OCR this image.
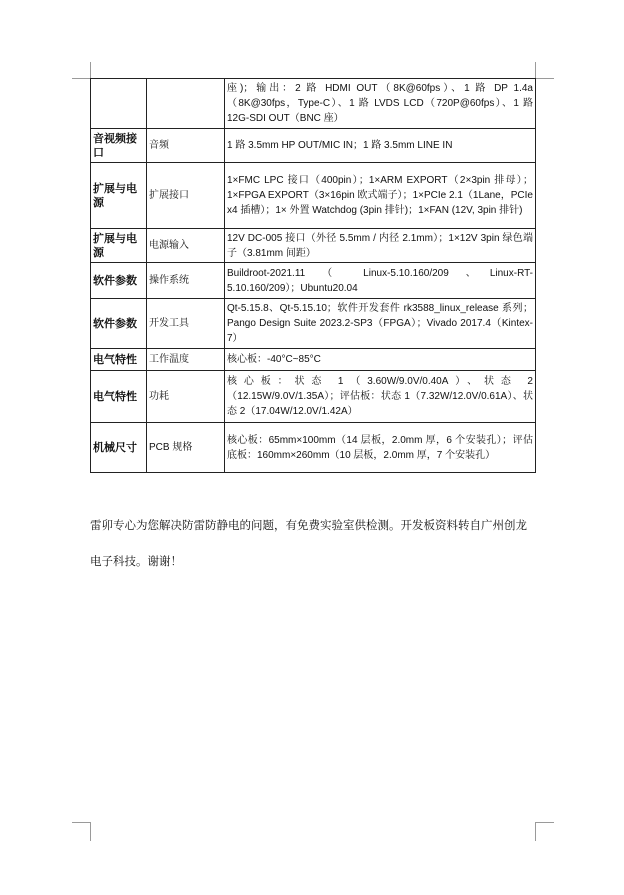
		座)；输出：2 路 HDMI OUT（8K@60fps）、1 路 DP 1.4a（8K@30fps，Type-C）、1 路 LVDS LCD（720P@60fps）、1 路 12G-SDI OUT（BNC 座）
音视频接口	音频	1 路 3.5mm HP OUT/MIC IN；1 路 3.5mm LINE IN
扩展与电源	扩展接口	1×FMC LPC 接口（400pin）；1×ARM EXPORT（2×3pin 排母）；1×FPGA EXPORT（3×16pin 欧式端子）；1×PCIe 2.1（1Lane，PCIe x4 插槽）；1× 外置 Watchdog (3pin 排针)；1×FAN (12V, 3pin 排针)
扩展与电源	电源输入	12V DC-005 接口（外径 5.5mm / 内径 2.1mm）；1×12V 3pin 绿色端子（3.81mm 间距）
软件参数	操作系统	Buildroot-2021.11 （ Linux-5.10.160/209 、Linux-RT-5.10.160/209）；Ubuntu20.04
软件参数	开发工具	Qt-5.15.8、Qt-5.15.10；软件开发套件 rk3588_linux_release 系列；Pango Design Suite 2023.2-SP3（FPGA）；Vivado 2017.4（Kintex-7）
电气特性	工作温度	核心板：-40°C~85°C
电气特性	功耗	核心板：状态 1（3.60W/9.0V/0.40A）、状态 2（12.15W/9.0V/1.35A）；评估板：状态 1（7.32W/12.0V/0.61A）、状态 2（17.04W/12.0V/1.42A）
机械尺寸	PCB 规格	核心板：65mm×100mm（14 层板，2.0mm 厚，6 个安装孔）；评估底板：160mm×260mm（10 层板，2.0mm 厚，7 个安装孔）
雷卯专心为您解决防雷防静电的问题，有免费实验室供检测。开发板资料转自广州创龙电子科技。谢谢！
